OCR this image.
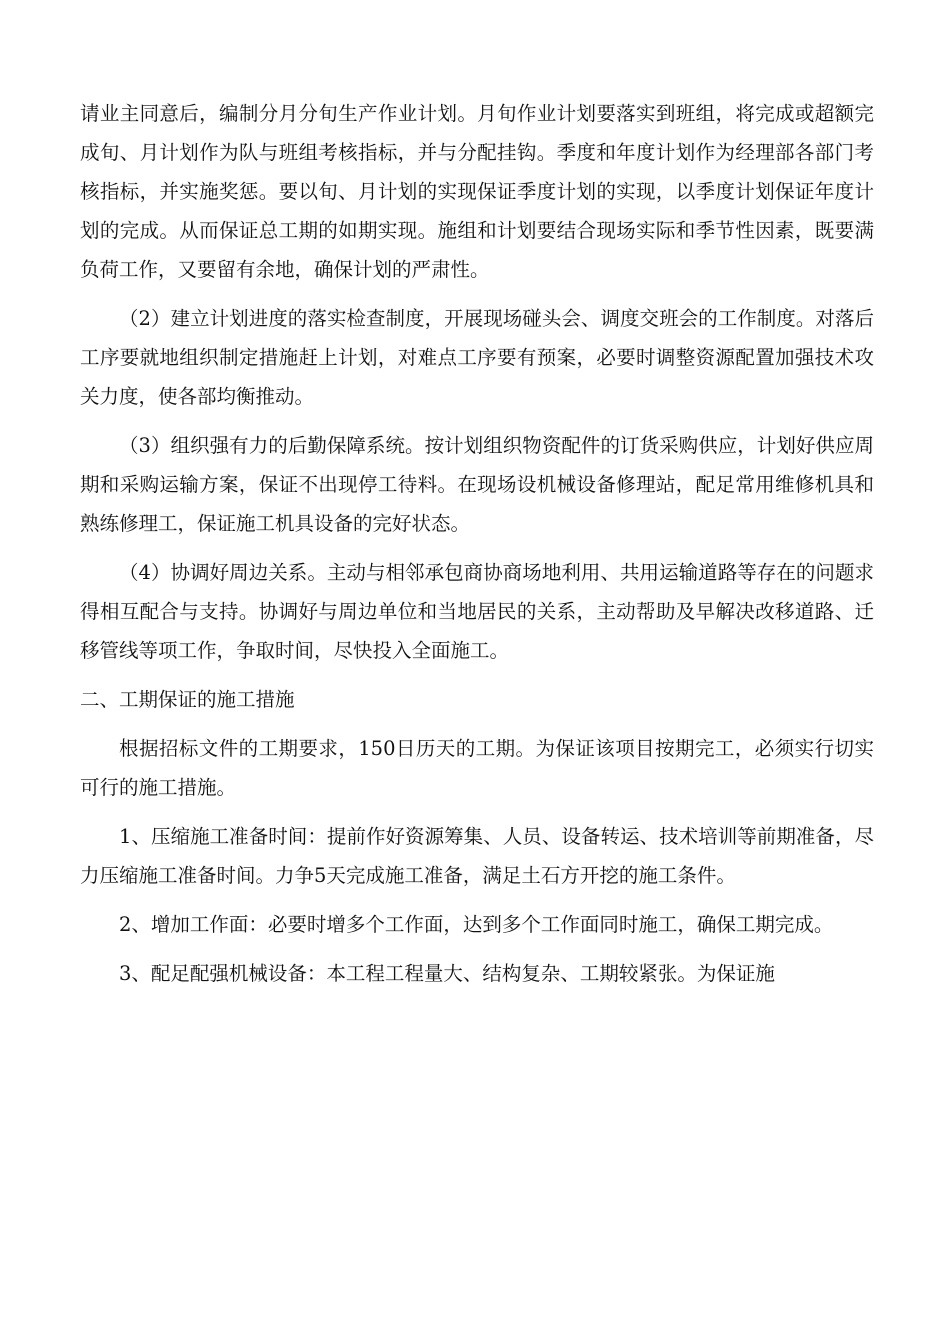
请业主同意后，编制分月分旬生产作业计划。月旬作业计划要落实到班组，将完成或超额完成旬、月计划作为队与班组考核指标，并与分配挂钩。季度和年度计划作为经理部各部门考核指标，并实施奖惩。要以旬、月计划的实现保证季度计划的实现，以季度计划保证年度计划的完成。从而保证总工期的如期实现。施组和计划要结合现场实际和季节性因素，既要满负荷工作，又要留有余地，确保计划的严肃性。

（2）建立计划进度的落实检查制度，开展现场碰头会、调度交班会的工作制度。对落后工序要就地组织制定措施赶上计划，对难点工序要有预案，必要时调整资源配置加强技术攻关力度，使各部均衡推动。

（3）组织强有力的后勤保障系统。按计划组织物资配件的订货采购供应，计划好供应周期和采购运输方案，保证不出现停工待料。在现场设机械设备修理站，配足常用维修机具和熟练修理工，保证施工机具设备的完好状态。

（4）协调好周边关系。主动与相邻承包商协商场地利用、共用运输道路等存在的问题求得相互配合与支持。协调好与周边单位和当地居民的关系，主动帮助及早解决改移道路、迁移管线等项工作，争取时间，尽快投入全面施工。

二、工期保证的施工措施

根据招标文件的工期要求，150日历天的工期。为保证该项目按期完工，必须实行切实可行的施工措施。

1、压缩施工准备时间：提前作好资源筹集、人员、设备转运、技术培训等前期准备，尽力压缩施工准备时间。力争5天完成施工准备，满足土石方开挖的施工条件。

2、增加工作面：必要时增多个工作面，达到多个工作面同时施工，确保工期完成。

3、配足配强机械设备：本工程工程量大、结构复杂、工期较紧张。为保证施
